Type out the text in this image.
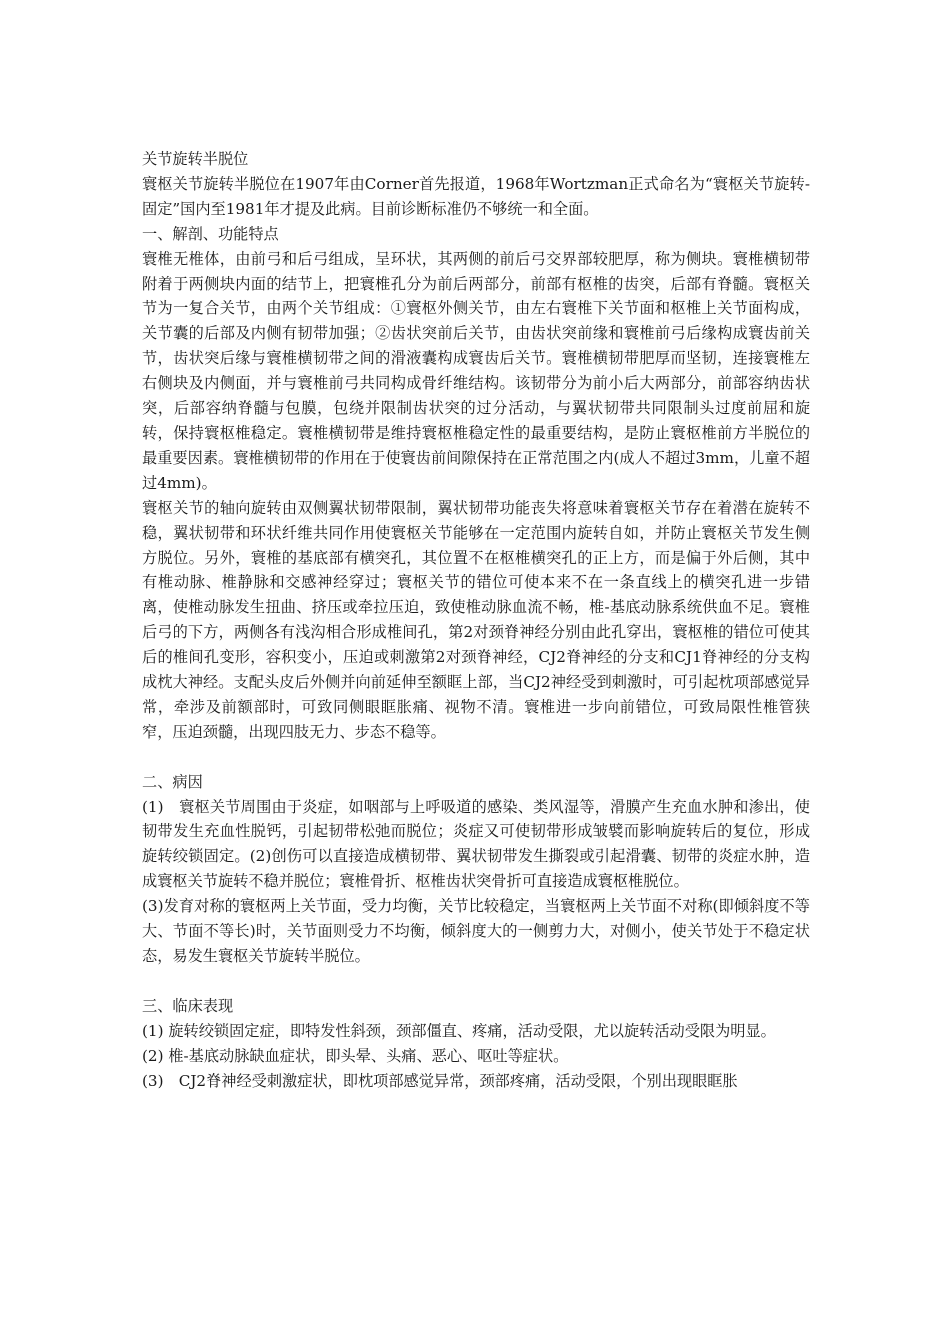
关节旋转半脱位

寰枢关节旋转半脱位在1907年由Corner首先报道，1968年Wortzman正式命名为“寰枢关节旋转-固定”国内至1981年才提及此病。目前诊断标准仍不够统一和全面。

一、解剖、功能特点

寰椎无椎体，由前弓和后弓组成，呈环状，其两侧的前后弓交界部较肥厚，称为侧块。寰椎横韧带附着于两侧块内面的结节上，把寰椎孔分为前后两部分，前部有枢椎的齿突，后部有脊髓。寰枢关节为一复合关节，由两个关节组成：①寰枢外侧关节，由左右寰椎下关节面和枢椎上关节面构成，关节囊的后部及内侧有韧带加强；②齿状突前后关节，由齿状突前缘和寰椎前弓后缘构成寰齿前关节，齿状突后缘与寰椎横韧带之间的滑液囊构成寰齿后关节。寰椎横韧带肥厚而坚韧，连接寰椎左右侧块及内侧面，并与寰椎前弓共同构成骨纤维结构。该韧带分为前小后大两部分，前部容纳齿状突，后部容纳脊髓与包膜，包绕并限制齿状突的过分活动，与翼状韧带共同限制头过度前屈和旋转，保持寰枢椎稳定。寰椎横韧带是维持寰枢椎稳定性的最重要结构，是防止寰枢椎前方半脱位的最重要因素。寰椎横韧带的作用在于使寰齿前间隙保持在正常范围之内(成人不超过3mm，儿童不超过4mm)。

寰枢关节的轴向旋转由双侧翼状韧带限制，翼状韧带功能丧失将意味着寰枢关节存在着潜在旋转不稳，翼状韧带和环状纤维共同作用使寰枢关节能够在一定范围内旋转自如，并防止寰枢关节发生侧方脱位。另外，寰椎的基底部有横突孔，其位置不在枢椎横突孔的正上方，而是偏于外后侧，其中有椎动脉、椎静脉和交感神经穿过；寰枢关节的错位可使本来不在一条直线上的横突孔进一步错离，使椎动脉发生扭曲、挤压或牵拉压迫，致使椎动脉血流不畅，椎-基底动脉系统供血不足。寰椎后弓的下方，两侧各有浅沟相合形成椎间孔，第2对颈脊神经分别由此孔穿出，寰枢椎的错位可使其后的椎间孔变形，容积变小，压迫或刺激第2对颈脊神经，CJ2脊神经的分支和CJ1脊神经的分支构成枕大神经。支配头皮后外侧并向前延伸至额眶上部，当CJ2神经受到刺激时，可引起枕项部感觉异常，牵涉及前额部时，可致同侧眼眶胀痛、视物不清。寰椎进一步向前错位，可致局限性椎管狭窄，压迫颈髓，出现四肢无力、步态不稳等。

二、病因

(1)　寰枢关节周围由于炎症，如咽部与上呼吸道的感染、类风湿等，滑膜产生充血水肿和渗出，使韧带发生充血性脱钙，引起韧带松弛而脱位；炎症又可使韧带形成皱襞而影响旋转后的复位，形成旋转绞锁固定。(2)创伤可以直接造成横韧带、翼状韧带发生撕裂或引起滑囊、韧带的炎症水肿，造成寰枢关节旋转不稳并脱位；寰椎骨折、枢椎齿状突骨折可直接造成寰枢椎脱位。

(3)发育对称的寰枢两上关节面，受力均衡，关节比较稳定，当寰枢两上关节面不对称(即倾斜度不等大、节面不等长)时，关节面则受力不均衡，倾斜度大的一侧剪力大，对侧小，使关节处于不稳定状态，易发生寰枢关节旋转半脱位。

三、临床表现

(1) 旋转绞锁固定症，即特发性斜颈，颈部僵直、疼痛，活动受限，尤以旋转活动受限为明显。

(2) 椎-基底动脉缺血症状，即头晕、头痛、恶心、呕吐等症状。

(3)　CJ2脊神经受刺激症状，即枕项部感觉异常，颈部疼痛，活动受限，个别出现眼眶胀
